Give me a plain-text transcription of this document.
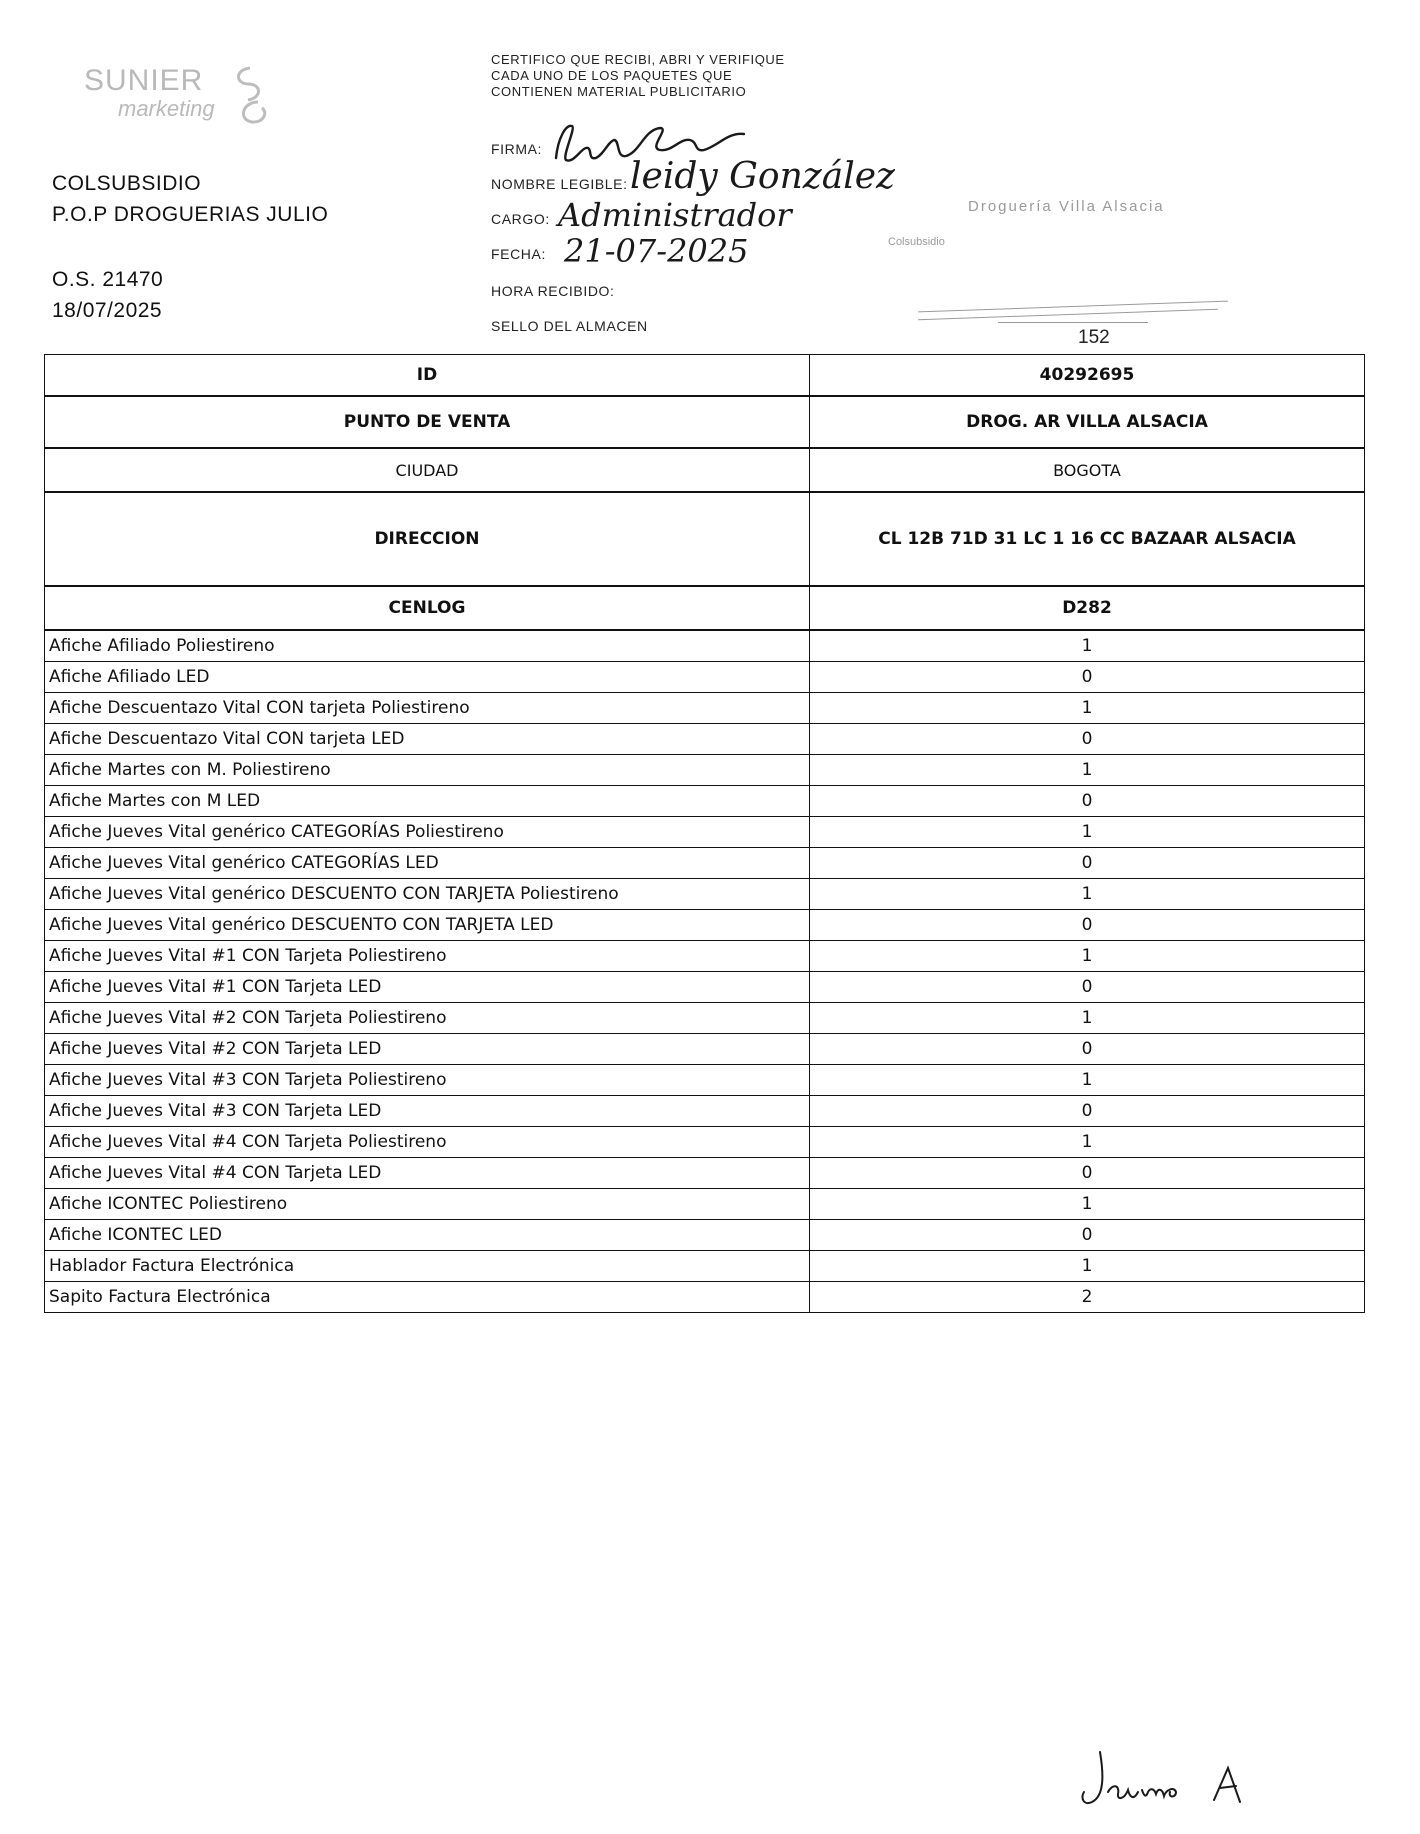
SUNIER
marketing
COLSUBSIDIO
P.O.P DROGUERIAS JULIO
O.S. 21470
18/07/2025
CERTIFICO QUE RECIBI, ABRI Y VERIFIQUE CADA UNO DE LOS PAQUETES QUE CONTIENEN MATERIAL PUBLICITARIO
FIRMA:
NOMBRE LEGIBLE: leidy González
CARGO: Administrador
FECHA: 21-07-2025
HORA RECIBIDO:
SELLO DEL ALMACEN
Droguería Villa Alsacia
Colsubsidio
152
ID	40292695
PUNTO DE VENTA	DROG. AR VILLA ALSACIA
CIUDAD	BOGOTA
DIRECCION	CL 12B 71D 31 LC 1 16 CC BAZAAR ALSACIA
CENLOG	D282
Afiche Afiliado Poliestireno	1
Afiche Afiliado LED	0
Afiche Descuentazo Vital CON tarjeta Poliestireno	1
Afiche Descuentazo Vital CON tarjeta LED	0
Afiche Martes con M. Poliestireno	1
Afiche Martes con M LED	0
Afiche Jueves Vital genérico CATEGORÍAS Poliestireno	1
Afiche Jueves Vital genérico CATEGORÍAS LED	0
Afiche Jueves Vital genérico DESCUENTO CON TARJETA Poliestireno	1
Afiche Jueves Vital genérico DESCUENTO CON TARJETA LED	0
Afiche Jueves Vital #1 CON Tarjeta Poliestireno	1
Afiche Jueves Vital #1 CON Tarjeta LED	0
Afiche Jueves Vital #2 CON Tarjeta Poliestireno	1
Afiche Jueves Vital #2 CON Tarjeta LED	0
Afiche Jueves Vital #3 CON Tarjeta Poliestireno	1
Afiche Jueves Vital #3 CON Tarjeta LED	0
Afiche Jueves Vital #4 CON Tarjeta Poliestireno	1
Afiche Jueves Vital #4 CON Tarjeta LED	0
Afiche ICONTEC Poliestireno	1
Afiche ICONTEC LED	0
Hablador Factura Electrónica	1
Sapito Factura Electrónica	2
